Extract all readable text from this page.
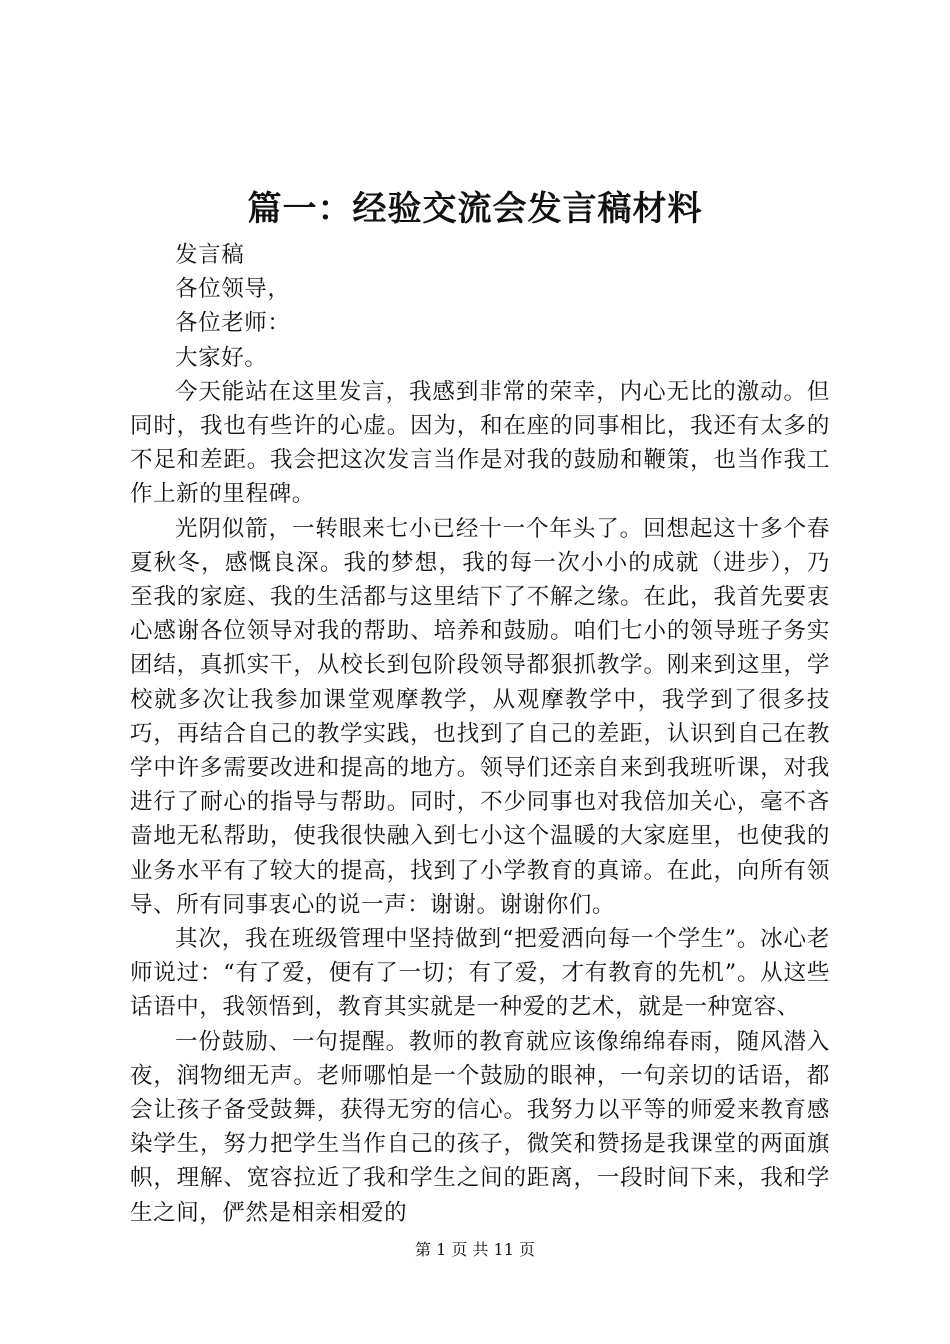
篇一：经验交流会发言稿材料

发言稿

各位领导，

各位老师：

大家好。

今天能站在这里发言，我感到非常的荣幸，内心无比的激动。但同时，我也有些许的心虚。因为，和在座的同事相比，我还有太多的不足和差距。我会把这次发言当作是对我的鼓励和鞭策，也当作我工作上新的里程碑。

光阴似箭，一转眼来七小已经十一个年头了。回想起这十多个春夏秋冬，感慨良深。我的梦想，我的每一次小小的成就（进步），乃至我的家庭、我的生活都与这里结下了不解之缘。在此，我首先要衷心感谢各位领导对我的帮助、培养和鼓励。咱们七小的领导班子务实团结，真抓实干，从校长到包阶段领导都狠抓教学。刚来到这里，学校就多次让我参加课堂观摩教学，从观摩教学中，我学到了很多技巧，再结合自己的教学实践，也找到了自己的差距，认识到自己在教学中许多需要改进和提高的地方。领导们还亲自来到我班听课，对我进行了耐心的指导与帮助。同时，不少同事也对我倍加关心，毫不吝啬地无私帮助，使我很快融入到七小这个温暖的大家庭里，也使我的业务水平有了较大的提高，找到了小学教育的真谛。在此，向所有领导、所有同事衷心的说一声：谢谢。谢谢你们。

其次，我在班级管理中坚持做到“把爱洒向每一个学生”。冰心老师说过：“有了爱，便有了一切；有了爱，才有教育的先机”。从这些话语中，我领悟到，教育其实就是一种爱的艺术，就是一种宽容、

一份鼓励、一句提醒。教师的教育就应该像绵绵春雨，随风潜入夜，润物细无声。老师哪怕是一个鼓励的眼神，一句亲切的话语，都会让孩子备受鼓舞，获得无穷的信心。我努力以平等的师爱来教育感染学生，努力把学生当作自己的孩子，微笑和赞扬是我课堂的两面旗帜，理解、宽容拉近了我和学生之间的距离，一段时间下来，我和学生之间，俨然是相亲相爱的

第 1 页 共 11 页
